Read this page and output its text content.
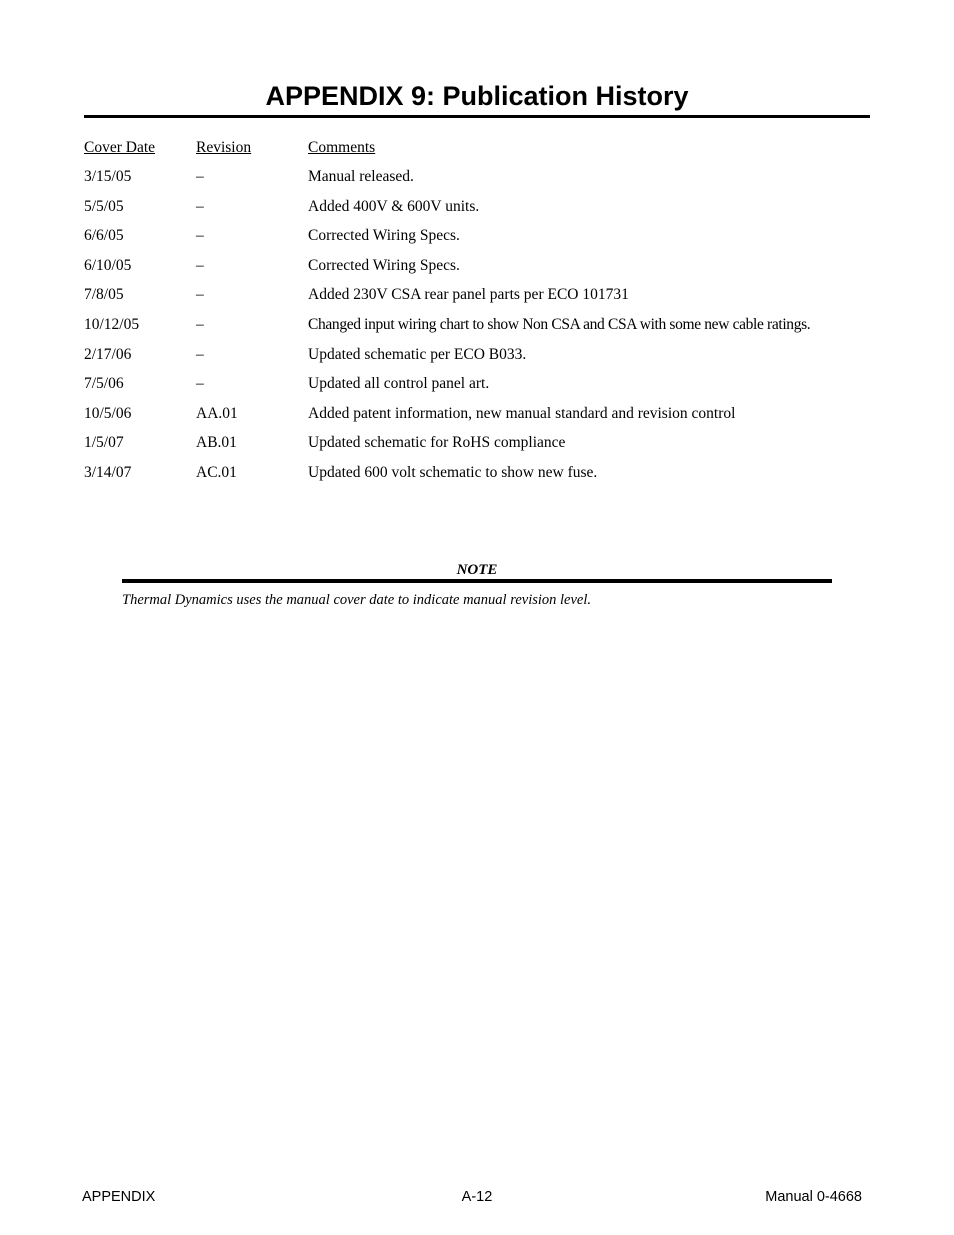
APPENDIX 9: Publication History
Cover Date	Revision	Comments
3/15/05	–	Manual released.
5/5/05	–	Added 400V & 600V units.
6/6/05	–	Corrected Wiring Specs.
6/10/05	–	Corrected Wiring Specs.
7/8/05	–	Added 230V CSA rear panel parts per ECO 101731
10/12/05	–	Changed input wiring chart to show Non CSA and CSA with some new cable ratings.
2/17/06	–	Updated schematic per ECO B033.
7/5/06	–	Updated all control panel art.
10/5/06	AA.01	Added patent information, new manual standard and revision control
1/5/07	AB.01	Updated schematic for RoHS compliance
3/14/07	AC.01	Updated 600 volt schematic to show new fuse.
NOTE
Thermal Dynamics uses the manual cover date to indicate manual revision level.
APPENDIX	A-12	Manual 0-4668
